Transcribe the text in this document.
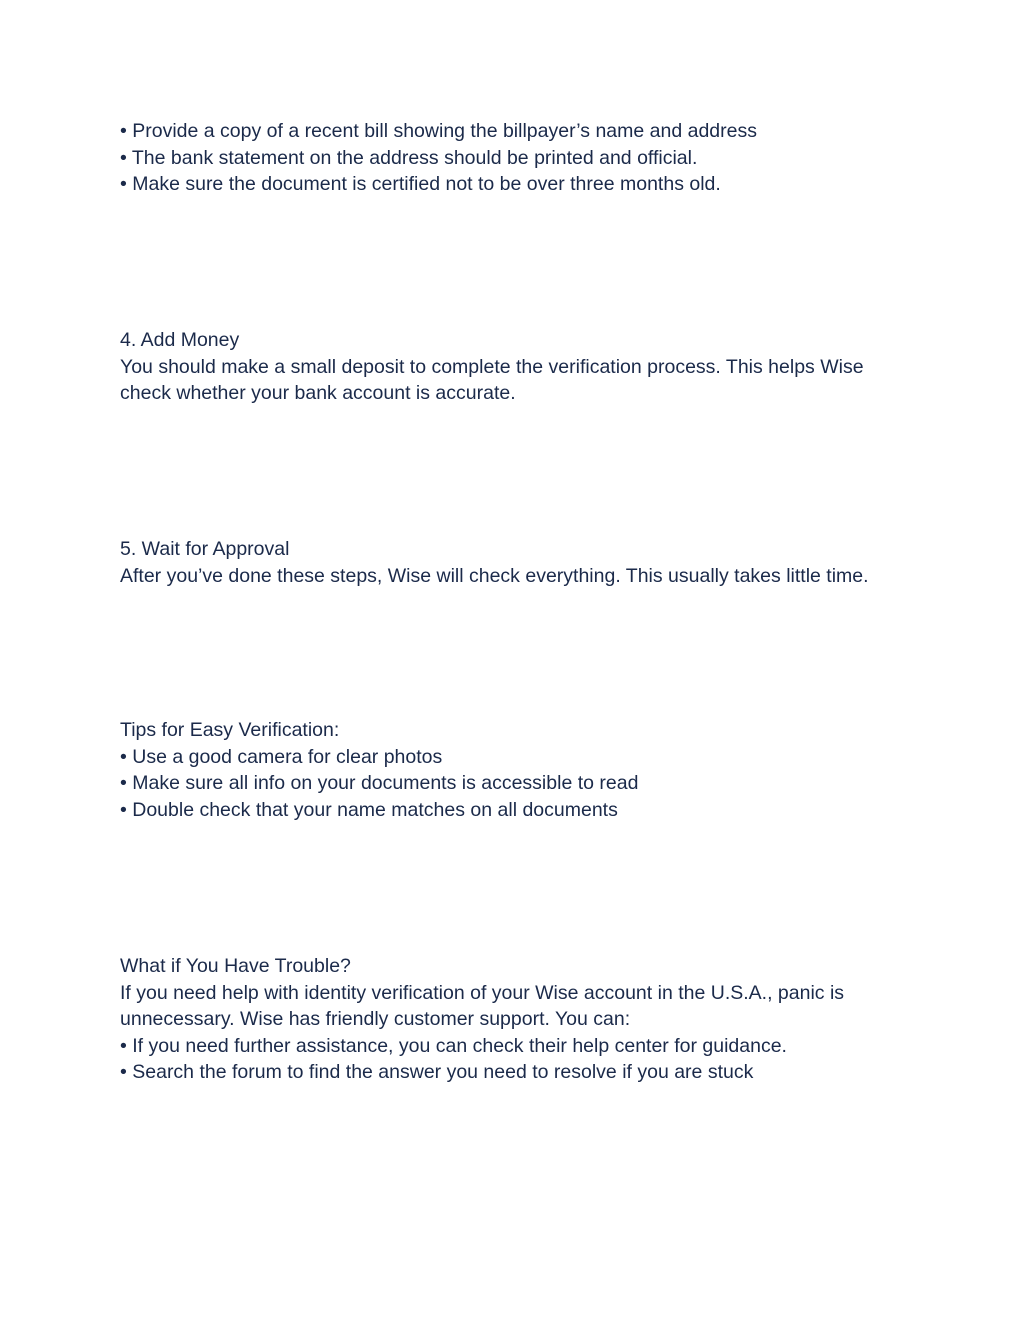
• Provide a copy of a recent bill showing the billpayer’s name and address
• The bank statement on the address should be printed and official.
• Make sure the document is certified not to be over three months old.
4. Add Money
You should make a small deposit to complete the verification process. This helps Wise check whether your bank account is accurate.
5. Wait for Approval
After you’ve done these steps, Wise will check everything. This usually takes little time.
Tips for Easy Verification:
• Use a good camera for clear photos
• Make sure all info on your documents is accessible to read
• Double check that your name matches on all documents
What if You Have Trouble?
If you need help with identity verification of your Wise account in the U.S.A., panic is unnecessary. Wise has friendly customer support. You can:
• If you need further assistance, you can check their help center for guidance.
• Search the forum to find the answer you need to resolve if you are stuck
